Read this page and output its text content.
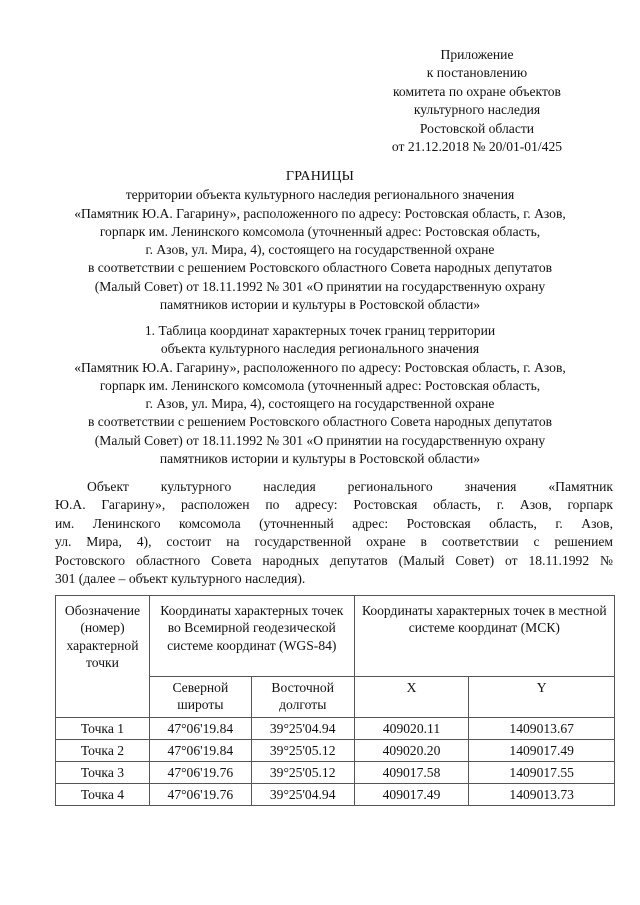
Приложение
к постановлению
комитета по охране объектов
культурного наследия
Ростовской области
от 21.12.2018 № 20/01-01/425
ГРАНИЦЫ
территории объекта культурного наследия регионального значения
«Памятник Ю.А. Гагарину», расположенного по адресу: Ростовская область, г. Азов,
горпарк им. Ленинского комсомола (уточненный адрес: Ростовская область,
г. Азов, ул. Мира, 4), состоящего на государственной охране
в соответствии с решением Ростовского областного Совета народных депутатов
(Малый Совет) от 18.11.1992 № 301 «О принятии на государственную охрану
памятников истории и культуры в Ростовской области»
1. Таблица координат характерных точек границ территории
объекта культурного наследия регионального значения
«Памятник Ю.А. Гагарину», расположенного по адресу: Ростовская область, г. Азов,
горпарк им. Ленинского комсомола (уточненный адрес: Ростовская область,
г. Азов, ул. Мира, 4), состоящего на государственной охране
в соответствии с решением Ростовского областного Совета народных депутатов
(Малый Совет) от 18.11.1992 № 301 «О принятии на государственную охрану
памятников истории и культуры в Ростовской области»
Объект культурного наследия регионального значения «Памятник
Ю.А. Гагарину», расположен по адресу: Ростовская область, г. Азов, горпарк
им. Ленинского комсомола (уточненный адрес: Ростовская область, г. Азов,
ул. Мира, 4), состоит на государственной охране в соответствии с решением
Ростовского областного Совета народных депутатов (Малый Совет) от 18.11.1992 №
301 (далее – объект культурного наследия).
Обозначение (номер) характерной точки	Координаты характерных точек во Всемирной геодезической системе координат (WGS-84)		Координаты характерных точек в местной системе координат (МСК)	
	Северной широты	Восточной долготы	X	Y
Точка 1	47°06'19.84	39°25'04.94	409020.11	1409013.67
Точка 2	47°06'19.84	39°25'05.12	409020.20	1409017.49
Точка 3	47°06'19.76	39°25'05.12	409017.58	1409017.55
Точка 4	47°06'19.76	39°25'04.94	409017.49	1409013.73
